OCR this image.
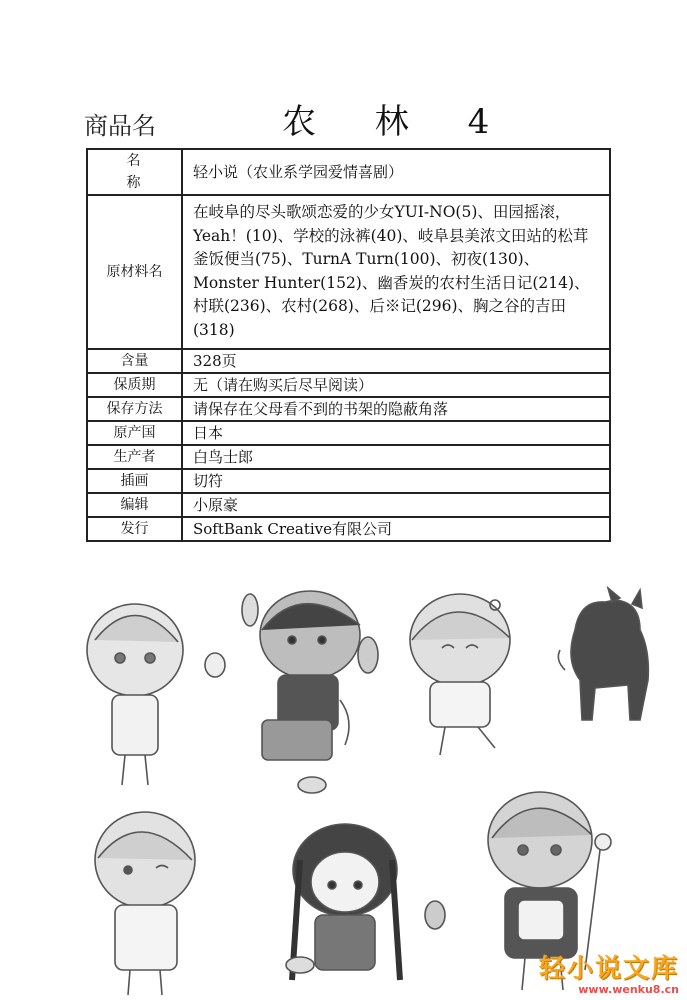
商品名	农 林 4
名　　称	轻小说（农业系学园爱情喜剧）
原材料名	在岐阜的尽头歌颂恋爱的少女YUI-NO(5)、田园摇滚，Yeah！(10)、学校的泳裤(40)、岐阜县美浓文田站的松茸釜饭便当(75)、TurnA Turn(100)、初夜(130)、Monster Hunter(152)、幽香炭的农村生活日记(214)、村联(236)、农村(268)、后※记(296)、胸之谷的吉田(318)
含量	328页
保质期	无（请在购买后尽早阅读）
保存方法	请保存在父母看不到的书架的隐蔽角落
原产国	日本
生产者	白鸟士郎
插画	切符
编辑	小原豪
发行	SoftBank Creative有限公司
轻小说文库
www.wenku8.cn
